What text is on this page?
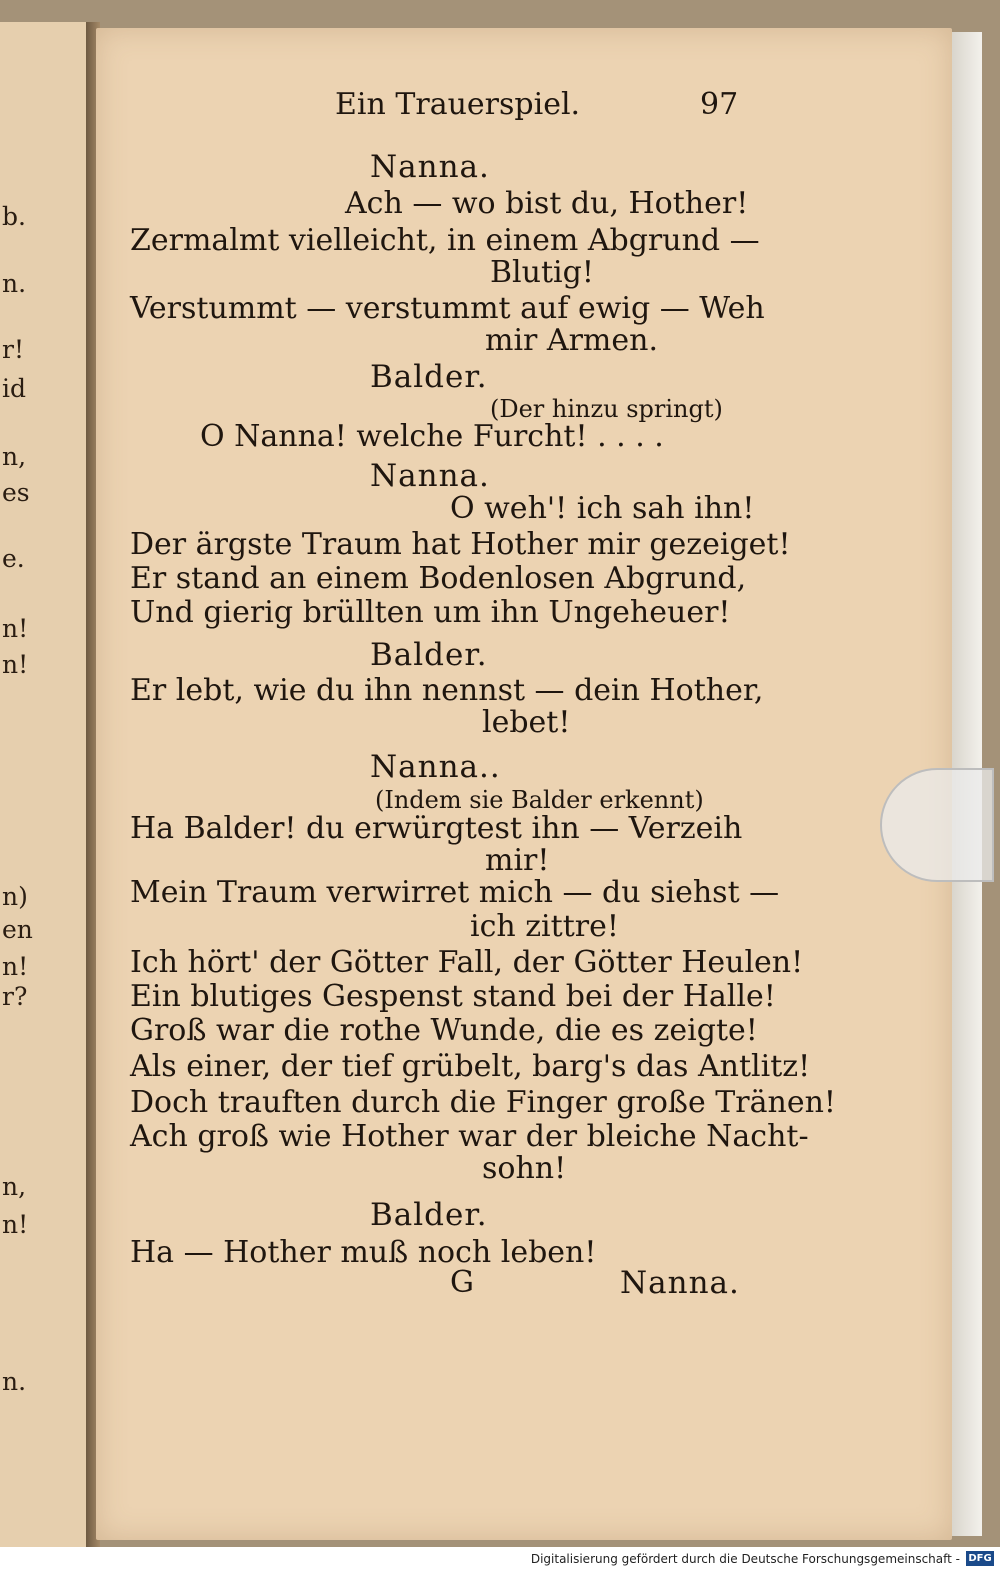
b.
n.
r!
id
n,
es
e.
n!
n!
n)
en
n!
r?
n,
n!
n.
Ein Trauerspiel.	97
Nanna.
Ach — wo bist du, Hother!
Zermalmt vielleicht, in einem Abgrund —
Blutig!
Verstummt — verstummt auf ewig — Weh
mir Armen.
Balder.
(Der hinzu springt)
O Nanna! welche Furcht! . . . .
Nanna.
O weh'! ich sah ihn!
Der ärgste Traum hat Hother mir gezeiget!
Er stand an einem Bodenlosen Abgrund,
Und gierig brüllten um ihn Ungeheuer!
Balder.
Er lebt, wie du ihn nennst — dein Hother,
lebet!
Nanna..
(Indem sie Balder erkennt)
Ha Balder! du erwürgtest ihn — Verzeih
mir!
Mein Traum verwirret mich — du siehst —
ich zittre!
Ich hört' der Götter Fall, der Götter Heulen!
Ein blutiges Gespenst stand bei der Halle!
Groß war die rothe Wunde, die es zeigte!
Als einer, der tief grübelt, barg's das Antlitz!
Doch trauften durch die Finger große Tränen!
Ach groß wie Hother war der bleiche Nacht-
sohn!
Balder.
Ha — Hother muß noch leben!
G	Nanna.
Digitalisierung gefördert durch die Deutsche Forschungsgemeinschaft - DFG
